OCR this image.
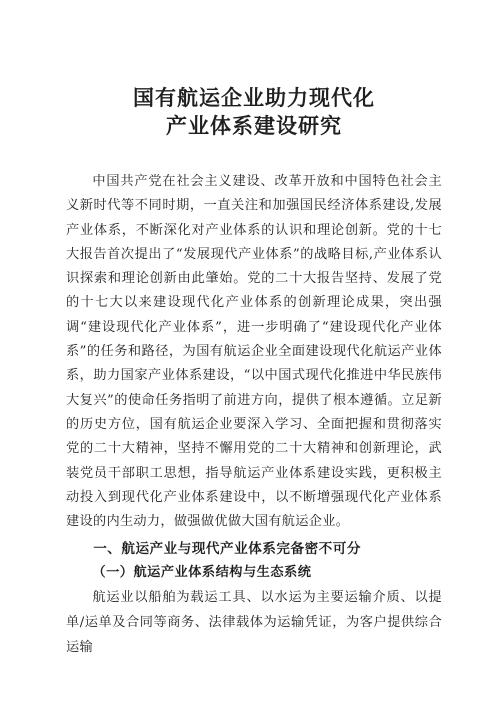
国有航运企业助力现代化
产业体系建设研究

中国共产党在社会主义建设、改革开放和中国特色社会主义新时代等不同时期，一直关注和加强国民经济体系建设,发展产业体系，不断深化对产业体系的认识和理论创新。党的十七大报告首次提出了“发展现代产业体系”的战略目标,产业体系认识探索和理论创新由此肇始。党的二十大报告坚持、发展了党的十七大以来建设现代化产业体系的创新理论成果，突出强调“建设现代化产业体系”，进一步明确了“建设现代化产业体系”的任务和路径，为国有航运企业全面建设现代化航运产业体系，助力国家产业体系建设，“以中国式现代化推进中华民族伟大复兴”的使命任务指明了前进方向，提供了根本遵循。立足新的历史方位，国有航运企业要深入学习、全面把握和贯彻落实党的二十大精神，坚持不懈用党的二十大精神和创新理论，武装党员干部职工思想，指导航运产业体系建设实践，更积极主动投入到现代化产业体系建设中，以不断增强现代化产业体系建设的内生动力，做强做优做大国有航运企业。

一、航运产业与现代产业体系完备密不可分
（一）航运产业体系结构与生态系统

航运业以船舶为载运工具、以水运为主要运输介质、以提单/运单及合同等商务、法律载体为运输凭证，为客户提供综合运输
